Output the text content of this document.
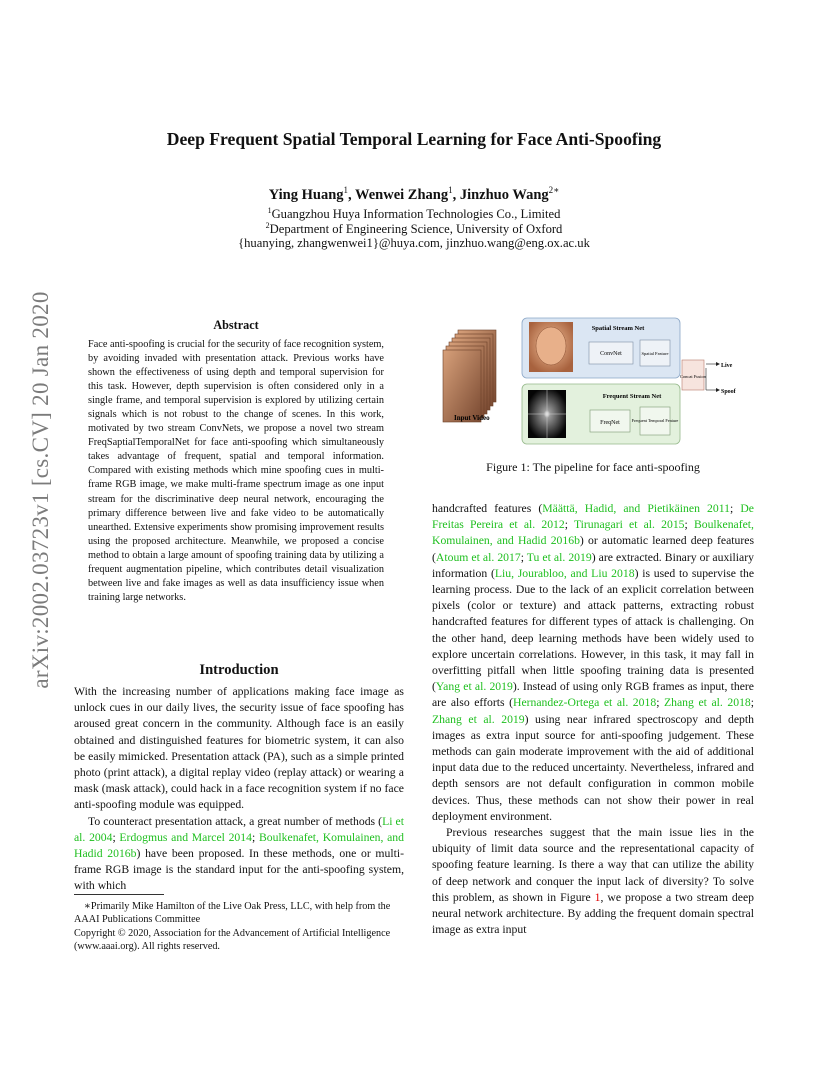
arXiv:2002.03723v1 [cs.CV] 20 Jan 2020
Deep Frequent Spatial Temporal Learning for Face Anti-Spoofing
Ying Huang$^1$, Wenwei Zhang$^1$, Jinzhuo Wang$^{2∗}$
$^1$Guangzhou Huya Information Technologies Co., Limited
$^2$Department of Engineering Science, University of Oxford
{huanying, zhangwenwei1}@huya.com, jinzhuo.wang@eng.ox.ac.uk
Abstract
Face anti-spoofing is crucial for the security of face recognition system, by avoiding invaded with presentation attack. Previous works have shown the effectiveness of using depth and temporal supervision for this task. However, depth supervision is often considered only in a single frame, and temporal supervision is explored by utilizing certain signals which is not robust to the change of scenes. In this work, motivated by two stream ConvNets, we propose a novel two stream FreqSaptialTemporalNet for face anti-spoofing which simultaneously takes advantage of frequent, spatial and temporal information. Compared with existing methods which mine spoofing cues in multi-frame RGB image, we make multi-frame spectrum image as one input stream for the discriminative deep neural network, encouraging the primary difference between live and fake video to be automatically unearthed. Extensive experiments show promising improvement results using the proposed architecture. Meanwhile, we proposed a concise method to obtain a large amount of spoofing training data by utilizing a frequent augmentation pipeline, which contributes detail visualization between live and fake images as well as data insufficiency issue when training large networks.
Introduction

With the increasing number of applications making face image as unlock cues in our daily lives, the security issue of face spoofing has aroused great concern in the community. Although face is an easily obtained and distinguished features for biometric system, it can also be easily mimicked. Presentation attack (PA), such as a simple printed photo (print attack), a digital replay video (replay attack) or wearing a mask (mask attack), could hack in a face recognition system if no face anti-spoofing module was equipped.

To counteract presentation attack, a great number of methods (Li et al. 2004; Erdogmus and Marcel 2014; Boulkenafet, Komulainen, and Hadid 2016b) have been proposed. In these methods, one or multi-frame RGB image is the standard input for the anti-spoofing system, with which

∗Primarily Mike Hamilton of the Live Oak Press, LLC, with help from the AAAI Publications Committee
Copyright © 2020, Association for the Advancement of Artificial Intelligence (www.aaai.org). All rights reserved.
Input Video
Spatial Stream Net
ConvNet	Spatial Feature
Frequent Stream Net
FreqNet	Frequent Temporal Feature
Concat Fusion
Live
Spoof
Figure 1: The pipeline for face anti-spoofing

handcrafted features (Määttä, Hadid, and Pietikäinen 2011; De Freitas Pereira et al. 2012; Tirunagari et al. 2015; Boulkenafet, Komulainen, and Hadid 2016b) or automatic learned deep features (Atoum et al. 2017; Tu et al. 2019) are extracted. Binary or auxiliary information (Liu, Jourabloo, and Liu 2018) is used to supervise the learning process. Due to the lack of an explicit correlation between pixels (color or texture) and attack patterns, extracting robust handcrafted features for different types of attack is challenging. On the other hand, deep learning methods have been widely used to explore uncertain correlations. However, in this task, it may fall in overfitting pitfall when little spoofing training data is presented (Yang et al. 2019). Instead of using only RGB frames as input, there are also efforts (Hernandez-Ortega et al. 2018; Zhang et al. 2018; Zhang et al. 2019) using near infrared spectroscopy and depth images as extra input source for anti-spoofing judgement. These methods can gain moderate improvement with the aid of additional input data due to the reduced uncertainty. Nevertheless, infrared and depth sensors are not default configuration in common mobile devices. Thus, these methods can not show their power in real deployment environment.

Previous researches suggest that the main issue lies in the ubiquity of limit data source and the representational capacity of spoofing feature learning. Is there a way that can utilize the ability of deep network and conquer the input lack of diversity? To solve this problem, as shown in Figure 1, we propose a two stream deep neural network architecture. By adding the frequent domain spectral image as extra input
